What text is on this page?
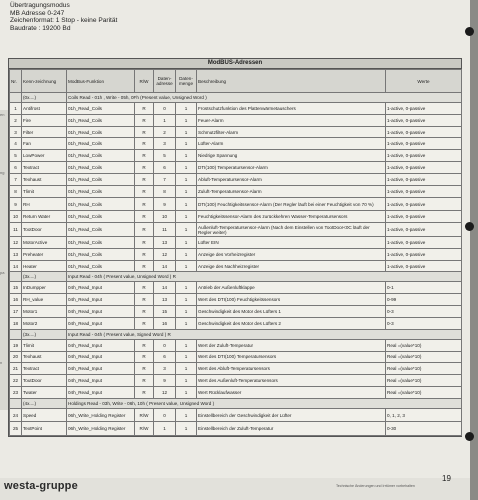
en
ng
pa
n
Übertragungsmodus
MB Adresse 0-247
Zeichenformat: 1 Stop - keine Parität
Baudrate : 19200 Bd
ModBUS-Adressen
Nr.	Kenn-zeichnung	ModBus-Funktion	R/W	Daten-adresse	Daten-menge	Beschreibung	Werte
	(0x....)	Coils Read - 01h , Write - 05h, 0Fh (Present value, Unsigned Word )					
1	Antifrost	01h_Read_Coils	R	0	1	Frostschutzfunktion des Plattenwärmetauschers	1-active, 0-passive
2	Fire	01h_Read_Coils	R	1	1	Feuer-Alarm	1-active, 0-passive
3	Filter	01h_Read_Coils	R	2	1	Schmutzfilter-Alarm	1-active, 0-passive
4	Fan	01h_Read_Coils	R	3	1	Lüfter-Alarm	1-active, 0-passive
5	LowPower	01h_Read_Coils	R	5	1	Niedrige Spannung	1-active, 0-passive
6	Textract	01h_Read_Coils	R	6	1	DTI(100) Temperatursensor-Alarm	1-active, 0-passive
7	Texhaust	01h_Read_Coils	R	7	1	Abluft-Temperatursensor-Alarm	1-active, 0-passive
8	Tlimit	01h_Read_Coils	R	8	1	Zuluft-Temperatursensor-Alarm	1-active, 0-passive
9	RH	01h_Read_Coils	R	9	1	DTI(100) Feuchtigkeitssensor-Alarm (Der Regler läuft bei einer Feuchtigkeit von 70 %)	1-active, 0-passive
10	Return Water	01h_Read_Coils	R	10	1	Feuchtigkeitssensor-Alarm des zurückkehren Wasser-Temperatursensors	1-active, 0-passive
11	TootDoor	01h_Read_Coils	R	11	1	Außenluft-Temperatursensor-Alarm (Nach dem Einstellen von TootDoor<0C läuft der Regler weiter)	1-active, 0-passive
12	MotorActive	01h_Read_Coils	R	13	1	Lüfter EIN	1-active, 0-passive
13	Preheater	01h_Read_Coils	R	12	1	Anzeige des Vorheizregister	1-active, 0-passive
14	Heater	01h_Read_Coils	R	14	1	Anzeige des Nachheizregister	1-active, 0-passive
	(3x....)	Input Read - 04h ( Present value, Unsigned Word ) R					
15	InDumpper	04h_Read_Input	R	14	1	Antrieb der Außenluftklappe	0-1
16	RH_value	04h_Read_Input	R	13	1	Wert des DTI(100) Feuchtigkeitssensors	0-99
17	Motor1	04h_Read_Input	R	15	1	Geschwindigkeit des Motor des Lüfters 1	0-3
18	Motor2	04h_Read_Input	R	16	1	Geschwindigkeit des Motor des Lüfters 2	0-3
	(3x....)	Input Read - 04h ( Present value, Signed Word ) R					
19	Tlimit	04h_Read_Input	R	0	1	Wert der Zuluft-Temperatur	Real =(value*10)
20	Texhaust	04h_Read_Input	R	6	1	Wert des DTI(100) Temperatursensors	Real =(value*10)
21	Textract	04h_Read_Input	R	3	1	Wert des Abluft-Temperatursensors	Real =(value*10)
22	ToutDoor	04h_Read_Input	R	9	1	Wert des Außenluft-Temperatursensors	Real =(value*10)
23	Twater	04h_Read_Input	R	12	1	Wert Rücklaufwasser	Real =(value*10)
	(4x....)	Holdings Read - 03h, Write - 06h, 10h ( Present value, Unsigned Word )					
24	Speed	06h_Write_Holding Register	R/W	0	1	Einstellbereich der Geschwindigkeit der Lüfter	0, 1, 2, 3
25	TextPoint	06h_Write_Holding Register	R/W	1	1	Einstellbereich der Zuluft-Temperatur	0-30
Technische Änderungen und Irrtümer vorbehalten
westa-gruppe
19
